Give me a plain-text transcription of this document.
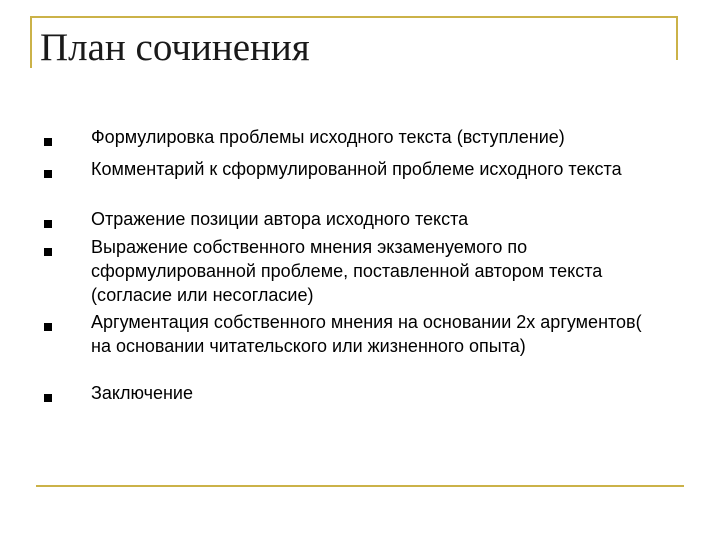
План сочинения
Формулировка проблемы исходного текста (вступление)
Комментарий к сформулированной проблеме исходного текста
Отражение позиции автора исходного текста
Выражение собственного мнения экзаменуемого по сформулированной проблеме, поставленной автором текста (согласие или несогласие)
Аргументация собственного мнения на основании 2х аргументов( на основании читательского или жизненного опыта)
Заключение
